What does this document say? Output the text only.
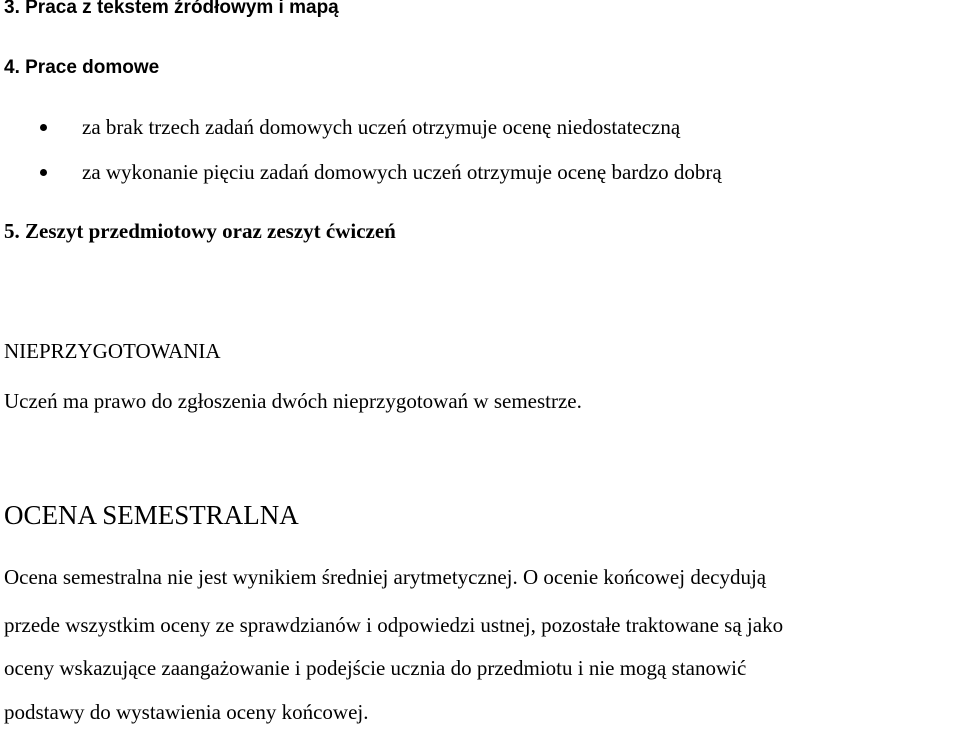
3. Praca z tekstem źródłowym i mapą
4. Prace domowe
za brak trzech zadań domowych uczeń otrzymuje ocenę niedostateczną
za wykonanie pięciu zadań domowych uczeń otrzymuje ocenę bardzo dobrą
5. Zeszyt przedmiotowy oraz zeszyt ćwiczeń
NIEPRZYGOTOWANIA
Uczeń ma prawo do zgłoszenia dwóch nieprzygotowań w semestrze.
OCENA SEMESTRALNA
Ocena semestralna nie jest wynikiem średniej arytmetycznej. O ocenie końcowej decydują
przede wszystkim oceny ze sprawdzianów i odpowiedzi ustnej, pozostałe traktowane są jako
oceny wskazujące zaangażowanie i podejście ucznia do przedmiotu i nie mogą stanowić
podstawy do wystawienia oceny końcowej.
